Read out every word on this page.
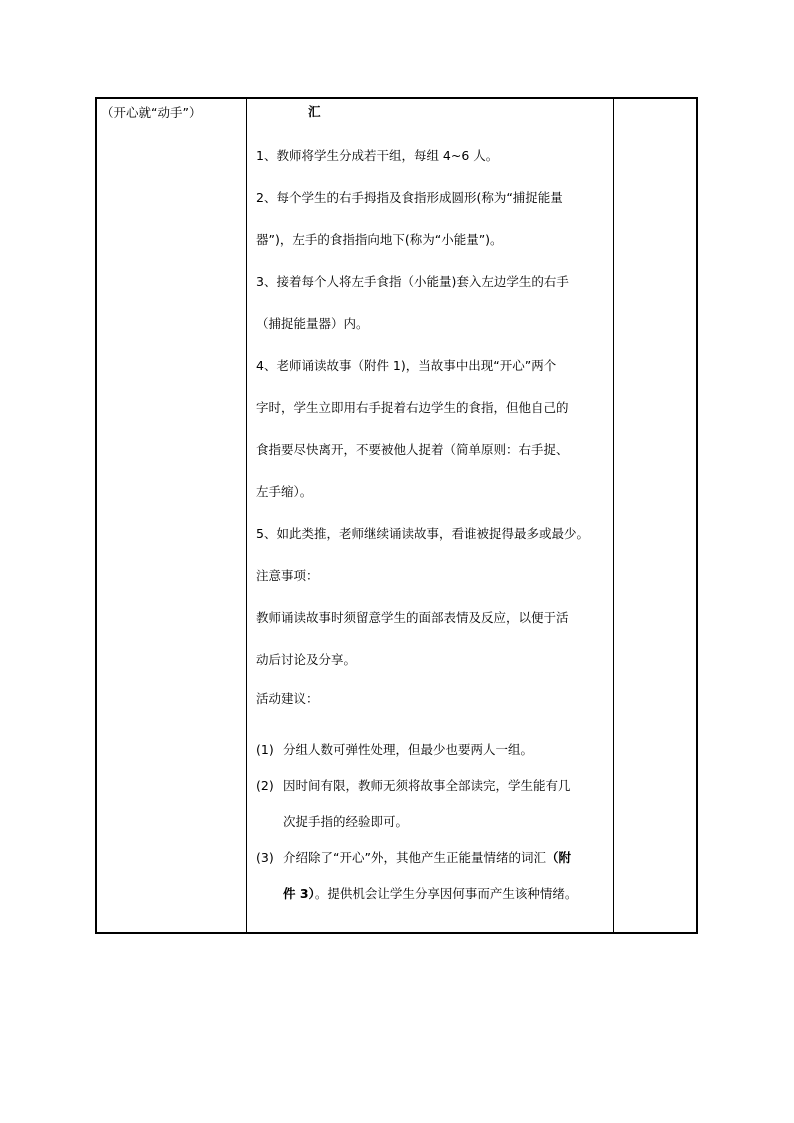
（开心就“动手”）	汇
1、教师将学生分成若干组，每组 4~6 人。
2、每个学生的右手拇指及食指形成圆形(称为“捕捉能量
器”)，左手的食指指向地下(称为“小能量”)。
3、接着每个人将左手食指（小能量)套入左边学生的右手
（捕捉能量器）内。
4、老师诵读故事（附件 1)，当故事中出现“开心”两个
字时，学生立即用右手捉着右边学生的食指，但他自己的
食指要尽快离开，不要被他人捉着（简单原则：右手捉、
左手缩）。
5、如此类推，老师继续诵读故事，看谁被捉得最多或最少。
注意事项：
教师诵读故事时须留意学生的面部表情及反应，以便于活
动后讨论及分享。
活动建议：
(1) 分组人数可弹性处理，但最少也要两人一组。
(2) 因时间有限，教师无须将故事全部读完，学生能有几
次捉手指的经验即可。
(3) 介绍除了“开心”外，其他产生正能量情绪的词汇（附
件 3）。提供机会让学生分享因何事而产生该种情绪。
